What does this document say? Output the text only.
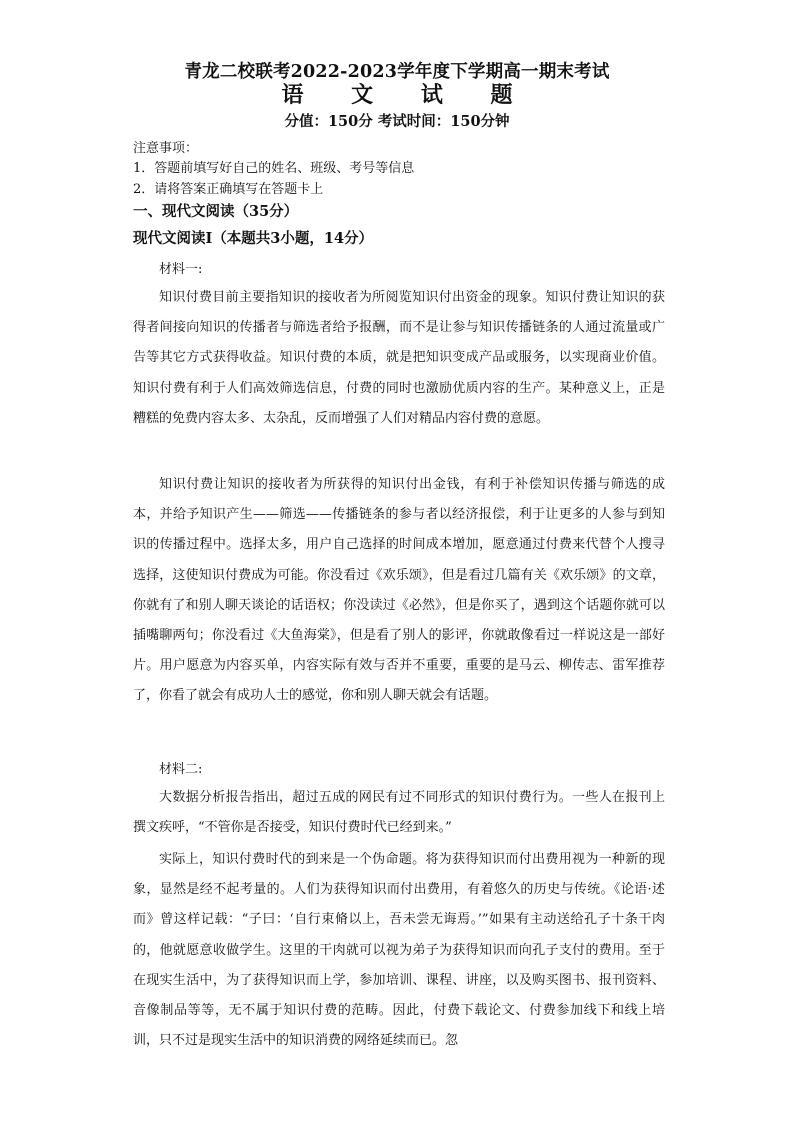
青龙二校联考2022-2023学年度下学期高一期末考试
语 文 试 题
分值：150分 考试时间：150分钟
注意事项：
1．答题前填写好自己的姓名、班级、考号等信息
2．请将答案正确填写在答题卡上
一、现代文阅读（35分）
现代文阅读Ⅰ（本题共3小题，14分）
材料一:
知识付费目前主要指知识的接收者为所阅览知识付出资金的现象。知识付费让知识的获得者间接向知识的传播者与筛选者给予报酬，而不是让参与知识传播链条的人通过流量或广告等其它方式获得收益。知识付费的本质，就是把知识变成产品或服务，以实现商业价值。知识付费有利于人们高效筛选信息，付费的同时也激励优质内容的生产。某种意义上，正是糟糕的免费内容太多、太杂乱，反而增强了人们对精品内容付费的意愿。
知识付费让知识的接收者为所获得的知识付出金钱，有利于补偿知识传播与筛选的成本，并给予知识产生——筛选——传播链条的参与者以经济报偿，利于让更多的人参与到知识的传播过程中。选择太多，用户自己选择的时间成本增加，愿意通过付费来代替个人搜寻选择，这使知识付费成为可能。你没看过《欢乐颂》，但是看过几篇有关《欢乐颂》的文章，你就有了和别人聊天谈论的话语权；你没读过《必然》，但是你买了，遇到这个话题你就可以插嘴聊两句；你没看过《大鱼海棠》，但是看了别人的影评，你就敢像看过一样说这是一部好片。用户愿意为内容买单，内容实际有效与否并不重要，重要的是马云、柳传志、雷军推荐了，你看了就会有成功人士的感觉，你和别人聊天就会有话题。
材料二:
大数据分析报告指出，超过五成的网民有过不同形式的知识付费行为。一些人在报刊上撰文疾呼，“不管你是否接受，知识付费时代已经到来。”
实际上，知识付费时代的到来是一个伪命题。将为获得知识而付出费用视为一种新的现象，显然是经不起考量的。人们为获得知识而付出费用，有着悠久的历史与传统。《论语·述而》曾这样记载：“子曰：‘自行束脩以上，吾未尝无诲焉。’”如果有主动送给孔子十条干肉的，他就愿意收做学生。这里的干肉就可以视为弟子为获得知识而向孔子支付的费用。至于在现实生活中，为了获得知识而上学，参加培训、课程、讲座，以及购买图书、报刊资料、音像制品等等，无不属于知识付费的范畴。因此，付费下载论文、付费参加线下和线上培训，只不过是现实生活中的知识消费的网络延续而已。忽
